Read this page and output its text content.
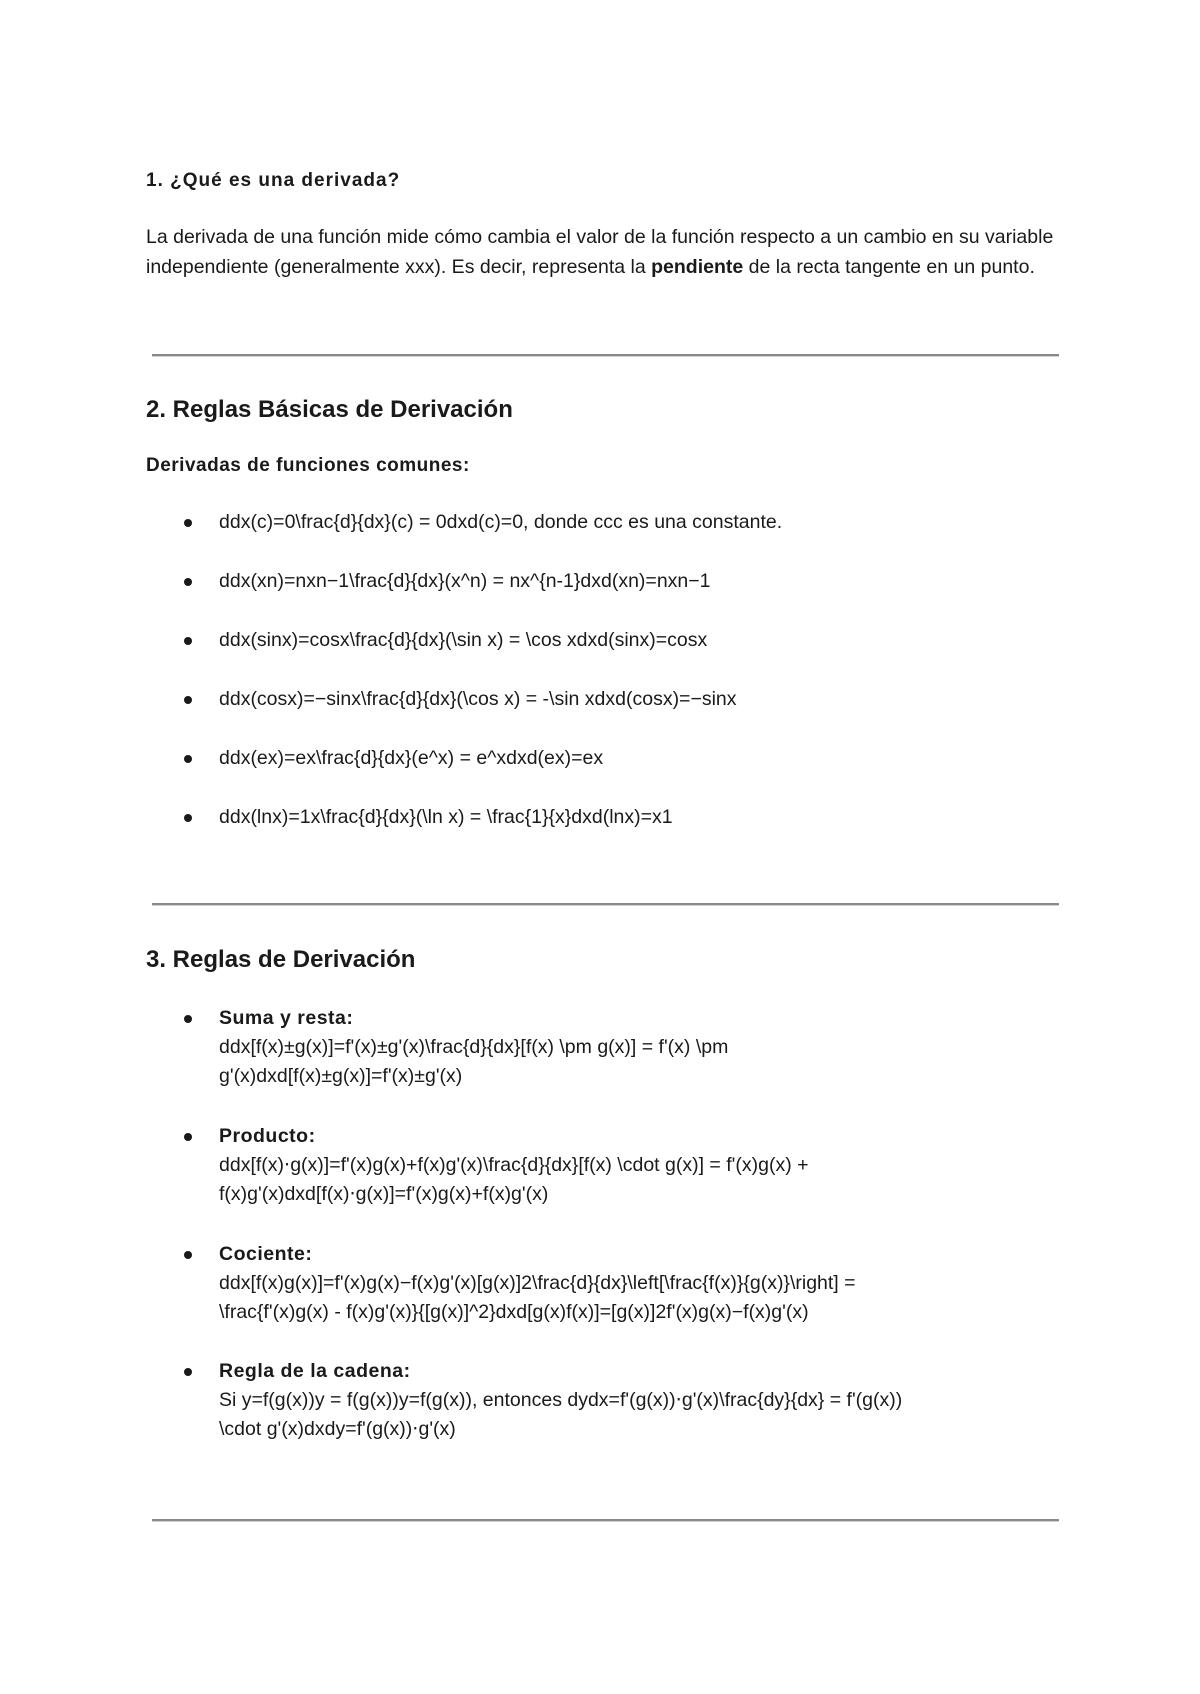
1. ¿Qué es una derivada?

La derivada de una función mide cómo cambia el valor de la función respecto a un cambio en su variable independiente (generalmente xxx). Es decir, representa la pendiente de la recta tangente en un punto.

2. Reglas Básicas de Derivación
Derivadas de funciones comunes:
ddx(c)=0\frac{d}{dx}(c) = 0dxd(c)=0, donde ccc es una constante.
ddx(xn)=nxn−1\frac{d}{dx}(x^n) = nx^{n-1}dxd(xn)=nxn−1
ddx(sinx)=cosx\frac{d}{dx}(\sin x) = \cos xdxd(sinx)=cosx
ddx(cosx)=−sinx\frac{d}{dx}(\cos x) = -\sin xdxd(cosx)=−sinx
ddx(ex)=ex\frac{d}{dx}(e^x) = e^xdxd(ex)=ex
ddx(lnx)=1x\frac{d}{dx}(\ln x) = \frac{1}{x}dxd(lnx)=x1
3. Reglas de Derivación
Suma y resta:
ddx[f(x)±g(x)]=f'(x)±g'(x)\frac{d}{dx}[f(x) \pm g(x)] = f'(x) \pm
g'(x)dxd[f(x)±g(x)]=f'(x)±g'(x)
Producto:
ddx[f(x)⋅g(x)]=f'(x)g(x)+f(x)g'(x)\frac{d}{dx}[f(x) \cdot g(x)] = f'(x)g(x) +
f(x)g'(x)dxd[f(x)⋅g(x)]=f'(x)g(x)+f(x)g'(x)
Cociente:
ddx[f(x)g(x)]=f'(x)g(x)−f(x)g'(x)[g(x)]2\frac{d}{dx}\left[\frac{f(x)}{g(x)}\right] =
\frac{f'(x)g(x) - f(x)g'(x)}{[g(x)]^2}dxd[g(x)f(x)]=[g(x)]2f'(x)g(x)−f(x)g'(x)
Regla de la cadena:
Si y=f(g(x))y = f(g(x))y=f(g(x)), entonces dydx=f'(g(x))⋅g'(x)\frac{dy}{dx} = f'(g(x))
\cdot g'(x)dxdy=f'(g(x))⋅g'(x)
